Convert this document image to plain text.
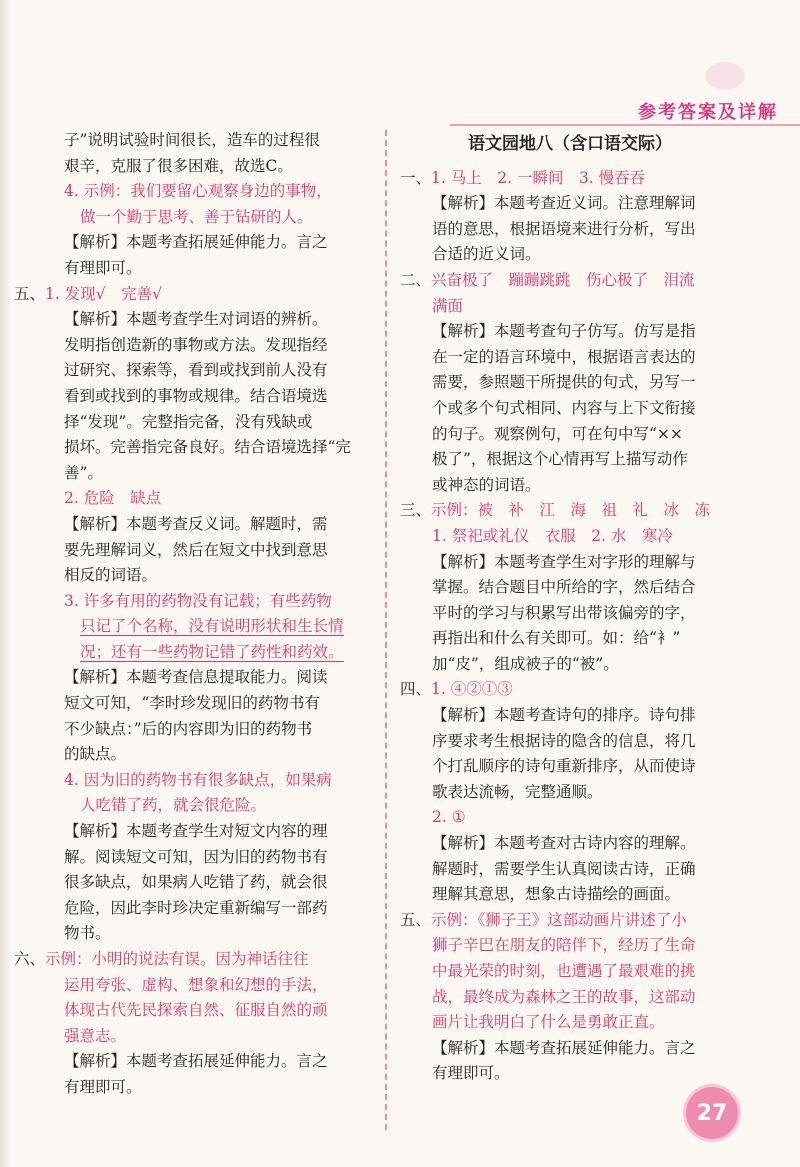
参考答案及详解

子”说明试验时间很长，造车的过程很

艰辛，克服了很多困难，故选C。

4. 示例：我们要留心观察身边的事物，

做一个勤于思考、善于钻研的人。

【解析】本题考查拓展延伸能力。言之

有理即可。

五、1. 发现√　完善√

【解析】本题考查学生对词语的辨析。

发明指创造新的事物或方法。发现指经

过研究、探索等，看到或找到前人没有

看到或找到的事物或规律。结合语境选

择“发现”。完整指完备，没有残缺或

损坏。完善指完备良好。结合语境选择“完

善”。

2. 危险　缺点

【解析】本题考查反义词。解题时，需

要先理解词义，然后在短文中找到意思

相反的词语。

3. 许多有用的药物没有记载；有些药物

只记了个名称，没有说明形状和生长情

况；还有一些药物记错了药性和药效。

【解析】本题考查信息提取能力。阅读

短文可知，“李时珍发现旧的药物书有

不少缺点：”后的内容即为旧的药物书

的缺点。

4. 因为旧的药物书有很多缺点，如果病

人吃错了药，就会很危险。

【解析】本题考查学生对短文内容的理

解。阅读短文可知，因为旧的药物书有

很多缺点，如果病人吃错了药，就会很

危险，因此李时珍决定重新编写一部药

物书。

六、示例：小明的说法有误。因为神话往往

运用夸张、虚构、想象和幻想的手法，

体现古代先民探索自然、征服自然的顽

强意志。

【解析】本题考查拓展延伸能力。言之

有理即可。

语文园地八（含口语交际）

一、1. 马上　2. 一瞬间　3. 慢吞吞

【解析】本题考查近义词。注意理解词

语的意思，根据语境来进行分析，写出

合适的近义词。

二、兴奋极了　蹦蹦跳跳　伤心极了　泪流

满面

【解析】本题考查句子仿写。仿写是指

在一定的语言环境中，根据语言表达的

需要，参照题干所提供的句式，另写一

个或多个句式相同、内容与上下文衔接

的句子。观察例句，可在句中写“××

极了”，根据这个心情再写上描写动作

或神态的词语。

三、示例：被　补　江　海　祖　礼　冰　冻

1. 祭祀或礼仪　衣服　2. 水　寒冷

【解析】本题考查学生对字形的理解与

掌握。结合题目中所给的字，然后结合

平时的学习与积累写出带该偏旁的字，

再指出和什么有关即可。如：给“衤”

加“皮”，组成被子的“被”。

四、1. ④②①③

【解析】本题考查诗句的排序。诗句排

序要求考生根据诗的隐含的信息，将几

个打乱顺序的诗句重新排序，从而使诗

歌表达流畅，完整通顺。

2. ①

【解析】本题考查对古诗内容的理解。

解题时，需要学生认真阅读古诗，正确

理解其意思，想象古诗描绘的画面。

五、示例：《狮子王》这部动画片讲述了小

狮子辛巴在朋友的陪伴下，经历了生命

中最光荣的时刻，也遭遇了最艰难的挑

战，最终成为森林之王的故事，这部动

画片让我明白了什么是勇敢正直。

【解析】本题考查拓展延伸能力。言之

有理即可。

27
